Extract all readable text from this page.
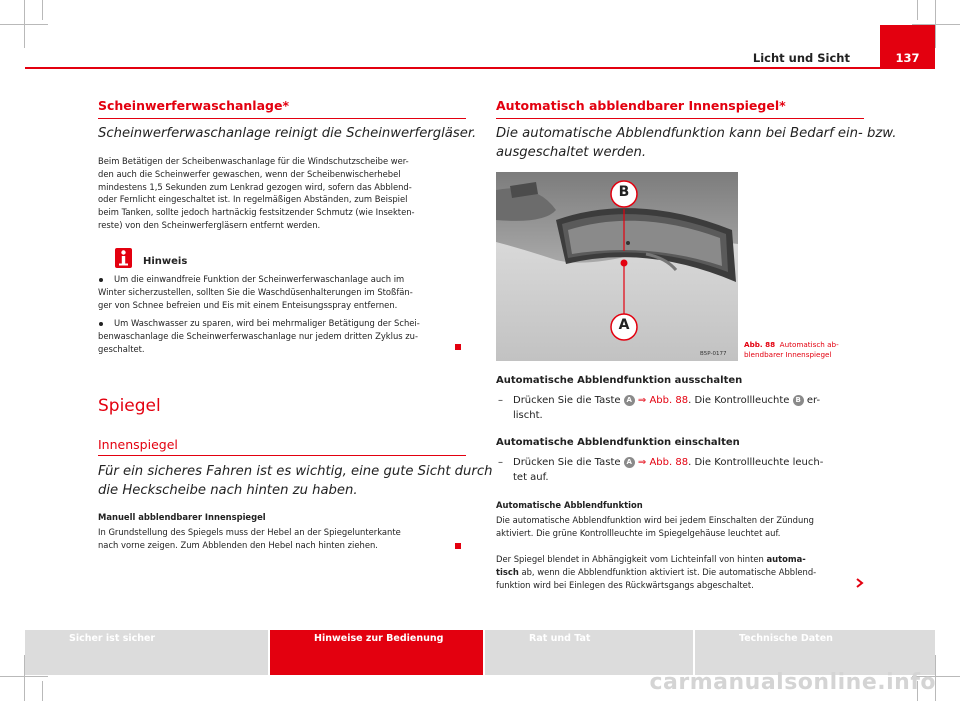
137
Licht und Sicht
Scheinwerferwaschanlage*
Scheinwerferwaschanlage reinigt die Scheinwerfergläser.

Beim Betätigen der Scheibenwaschanlage für die Windschutzscheibe wer-

den auch die Scheinwerfer gewaschen, wenn der Scheibenwischerhebel

mindestens 1,5 Sekunden zum Lenkrad gezogen wird, sofern das Abblend-

oder Fernlicht eingeschaltet ist. In regelmäßigen Abständen, zum Beispiel

beim Tanken, sollte jedoch hartnäckig festsitzender Schmutz (wie Insekten-

reste) von den Scheinwerfergläsern entfernt werden.

Hinweis

Um die einwandfreie Funktion der Scheinwerferwaschanlage auch im

Winter sicherzustellen, sollten Sie die Waschdüsenhalterungen im Stoßfän-

ger von Schnee befreien und Eis mit einem Enteisungsspray entfernen.

Um Waschwasser zu sparen, wird bei mehrmaliger Betätigung der Schei-

benwaschanlage die Scheinwerferwaschanlage nur jedem dritten Zyklus zu-

geschaltet.

Spiegel
Innenspiegel
Für ein sicheres Fahren ist es wichtig, eine gute Sicht durch
die Heckscheibe nach hinten zu haben.
Manuell abblendbarer Innenspiegel

In Grundstellung des Spiegels muss der Hebel an der Spiegelunterkante

nach vorne zeigen. Zum Abblenden den Hebel nach hinten ziehen.

Automatisch abblendbarer Innenspiegel*
Die automatische Abblendfunktion kann bei Bedarf ein- bzw.
ausgeschaltet werden.
B
A
B5P-0177
Abb. 88 Automatisch ab-
blendbarer Innenspiegel
Automatische Abblendfunktion ausschalten
–	Drücken Sie die Taste A ⇒ Abb. 88. Die Kontrollleuchte B er-
lischt.
Automatische Abblendfunktion einschalten
–	Drücken Sie die Taste A ⇒ Abb. 88. Die Kontrollleuchte leuch-
tet auf.
Automatische Abblendfunktion

Die automatische Abblendfunktion wird bei jedem Einschalten der Zündung

aktiviert. Die grüne Kontrollleuchte im Spiegelgehäuse leuchtet auf.

Der Spiegel blendet in Abhängigkeit vom Lichteinfall von hinten automa-

tisch ab, wenn die Abblendfunktion aktiviert ist. Die automatische Abblend-

funktion wird bei Einlegen des Rückwärtsgangs abgeschaltet.

Sicher ist sicher	Hinweise zur Bedienung	Rat und Tat	Technische Daten
carmanualsonline.info
